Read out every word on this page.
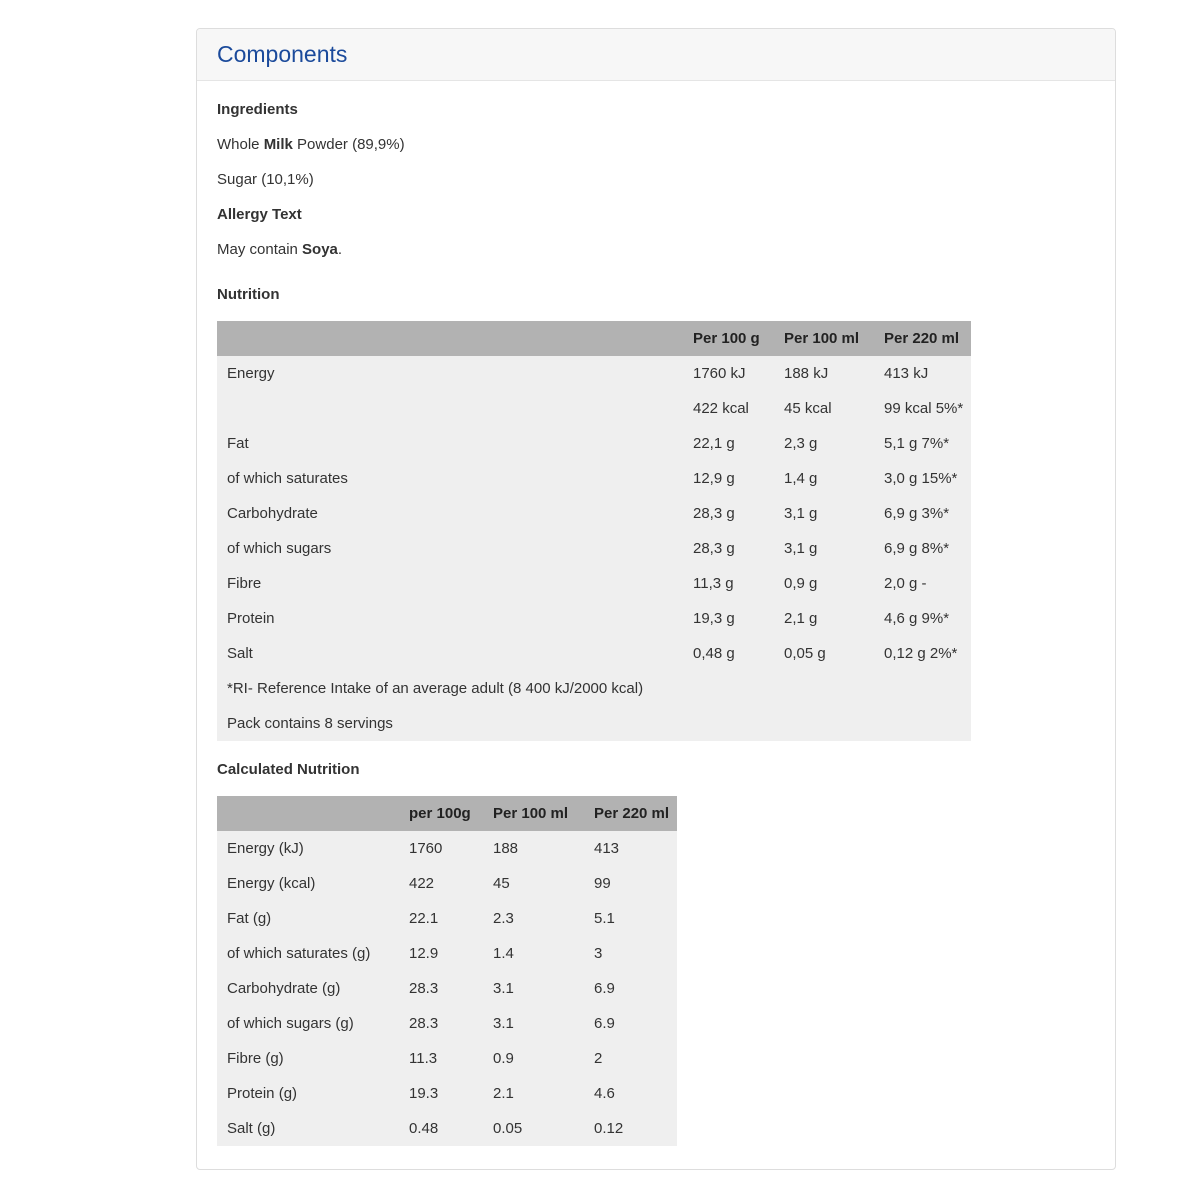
Components

Ingredients

Whole Milk Powder (89,9%)

Sugar (10,1%)

Allergy Text

May contain Soya.

Nutrition

	Per 100 g	Per 100 ml	Per 220 ml
Energy	1760 kJ	188 kJ	413 kJ
	422 kcal	45 kcal	99 kcal 5%*
Fat	22,1 g	2,3 g	5,1 g 7%*
of which saturates	12,9 g	1,4 g	3,0 g 15%*
Carbohydrate	28,3 g	3,1 g	6,9 g 3%*
of which sugars	28,3 g	3,1 g	6,9 g 8%*
Fibre	11,3 g	0,9 g	2,0 g -
Protein	19,3 g	2,1 g	4,6 g 9%*
Salt	0,48 g	0,05 g	0,12 g 2%*
*RI- Reference Intake of an average adult (8 400 kJ/2000 kcal)			
Pack contains 8 servings			

Calculated Nutrition

	per 100g	Per 100 ml	Per 220 ml
Energy (kJ)	1760	188	413
Energy (kcal)	422	45	99
Fat (g)	22.1	2.3	5.1
of which saturates (g)	12.9	1.4	3
Carbohydrate (g)	28.3	3.1	6.9
of which sugars (g)	28.3	3.1	6.9
Fibre (g)	11.3	0.9	2
Protein (g)	19.3	2.1	4.6
Salt (g)	0.48	0.05	0.12
